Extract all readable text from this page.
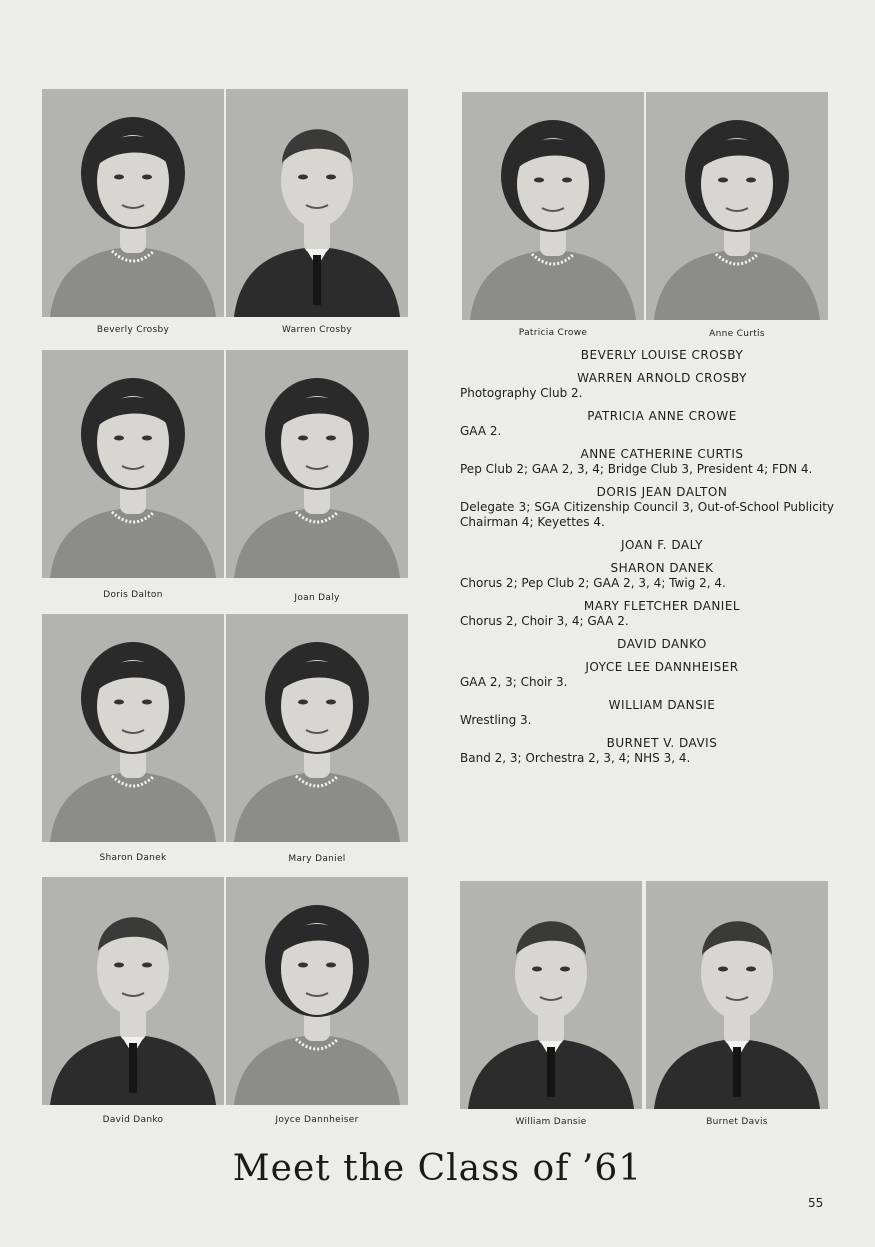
Beverly Crosby	Warren Crosby	Patricia Crowe	Anne Curtis
Doris Dalton	Joan Daly
Sharon Danek	Mary Daniel
David Danko	Joyce Dannheiser	William Dansie	Burnet Davis
BEVERLY LOUISE CROSBY
WARREN ARNOLD CROSBY
Photography Club 2.
PATRICIA ANNE CROWE
GAA 2.
ANNE CATHERINE CURTIS
Pep Club 2; GAA 2, 3, 4; Bridge Club 3, President 4; FDN 4.
DORIS JEAN DALTON
Delegate 3; SGA Citizenship Council 3, Out-of-School Publicity Chairman 4; Keyettes 4.
JOAN F. DALY
SHARON DANEK
Chorus 2; Pep Club 2; GAA 2, 3, 4; Twig 2, 4.
MARY FLETCHER DANIEL
Chorus 2, Choir 3, 4; GAA 2.
DAVID DANKO
JOYCE LEE DANNHEISER
GAA 2, 3; Choir 3.
WILLIAM DANSIE
Wrestling 3.
BURNET V. DAVIS
Band 2, 3; Orchestra 2, 3, 4; NHS 3, 4.
Meet the Class of ’61
55
